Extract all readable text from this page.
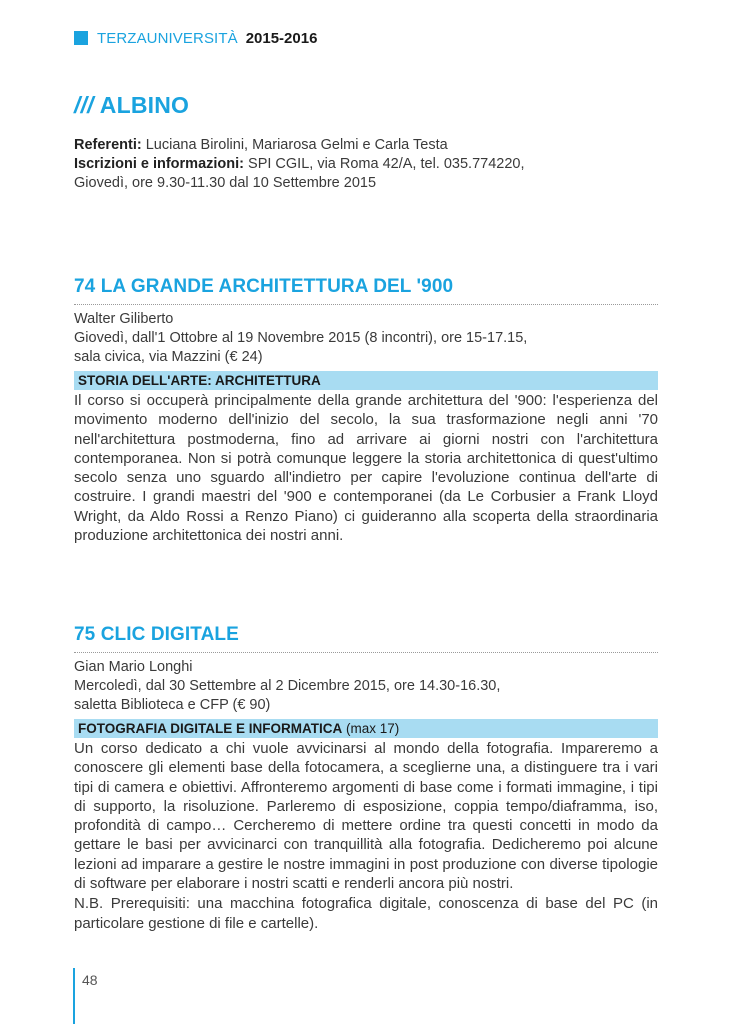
TERZAUNIVERSITÀ 2015-2016
/// ALBINO
Referenti: Luciana Birolini, Mariarosa Gelmi e Carla Testa
Iscrizioni e informazioni: SPI CGIL, via Roma 42/A, tel. 035.774220,
Giovedì, ore 9.30-11.30 dal 10 Settembre 2015
74 LA GRANDE ARCHITETTURA DEL '900
Walter Giliberto
Giovedì, dall'1 Ottobre al 19 Novembre 2015 (8 incontri), ore 15-17.15,
sala civica, via Mazzini (€ 24)
STORIA DELL'ARTE: ARCHITETTURA
Il corso si occuperà principalmente della grande architettura del '900: l'esperienza del movimento moderno dell'inizio del secolo, la sua trasformazione negli anni '70 nell'architettura postmoderna, fino ad arrivare ai giorni nostri con l'architettura contemporanea. Non si potrà comunque leggere la storia architettonica di quest'ultimo secolo senza uno sguardo all'indietro per capire l'evoluzione continua dell'arte di costruire. I grandi maestri del '900 e contemporanei (da Le Corbusier a Frank Lloyd Wright, da Aldo Rossi a Renzo Piano) ci guideranno alla scoperta della straordinaria produzione architettonica dei nostri anni.
75 CLIC DIGITALE
Gian Mario Longhi
Mercoledì, dal 30 Settembre al 2 Dicembre 2015, ore 14.30-16.30,
saletta Biblioteca e CFP (€ 90)
FOTOGRAFIA DIGITALE E INFORMATICA (max 17)
Un corso dedicato a chi vuole avvicinarsi al mondo della fotografia. Impareremo a conoscere gli elementi base della fotocamera, a sceglierne una, a distinguere tra i vari tipi di camera e obiettivi. Affronteremo argomenti di base come i formati immagine, i tipi di supporto, la risoluzione. Parleremo di esposizione, coppia tempo/diaframma, iso, profondità di campo… Cercheremo di mettere ordine tra questi concetti in modo da gettare le basi per avvicinarci con tranquillità alla fotografia. Dedicheremo poi alcune lezioni ad imparare a gestire le nostre immagini in post produzione con diverse tipologie di software per elaborare i nostri scatti e renderli ancora più nostri.
N.B. Prerequisiti: una macchina fotografica digitale, conoscenza di base del PC (in particolare gestione di file e cartelle).
48
